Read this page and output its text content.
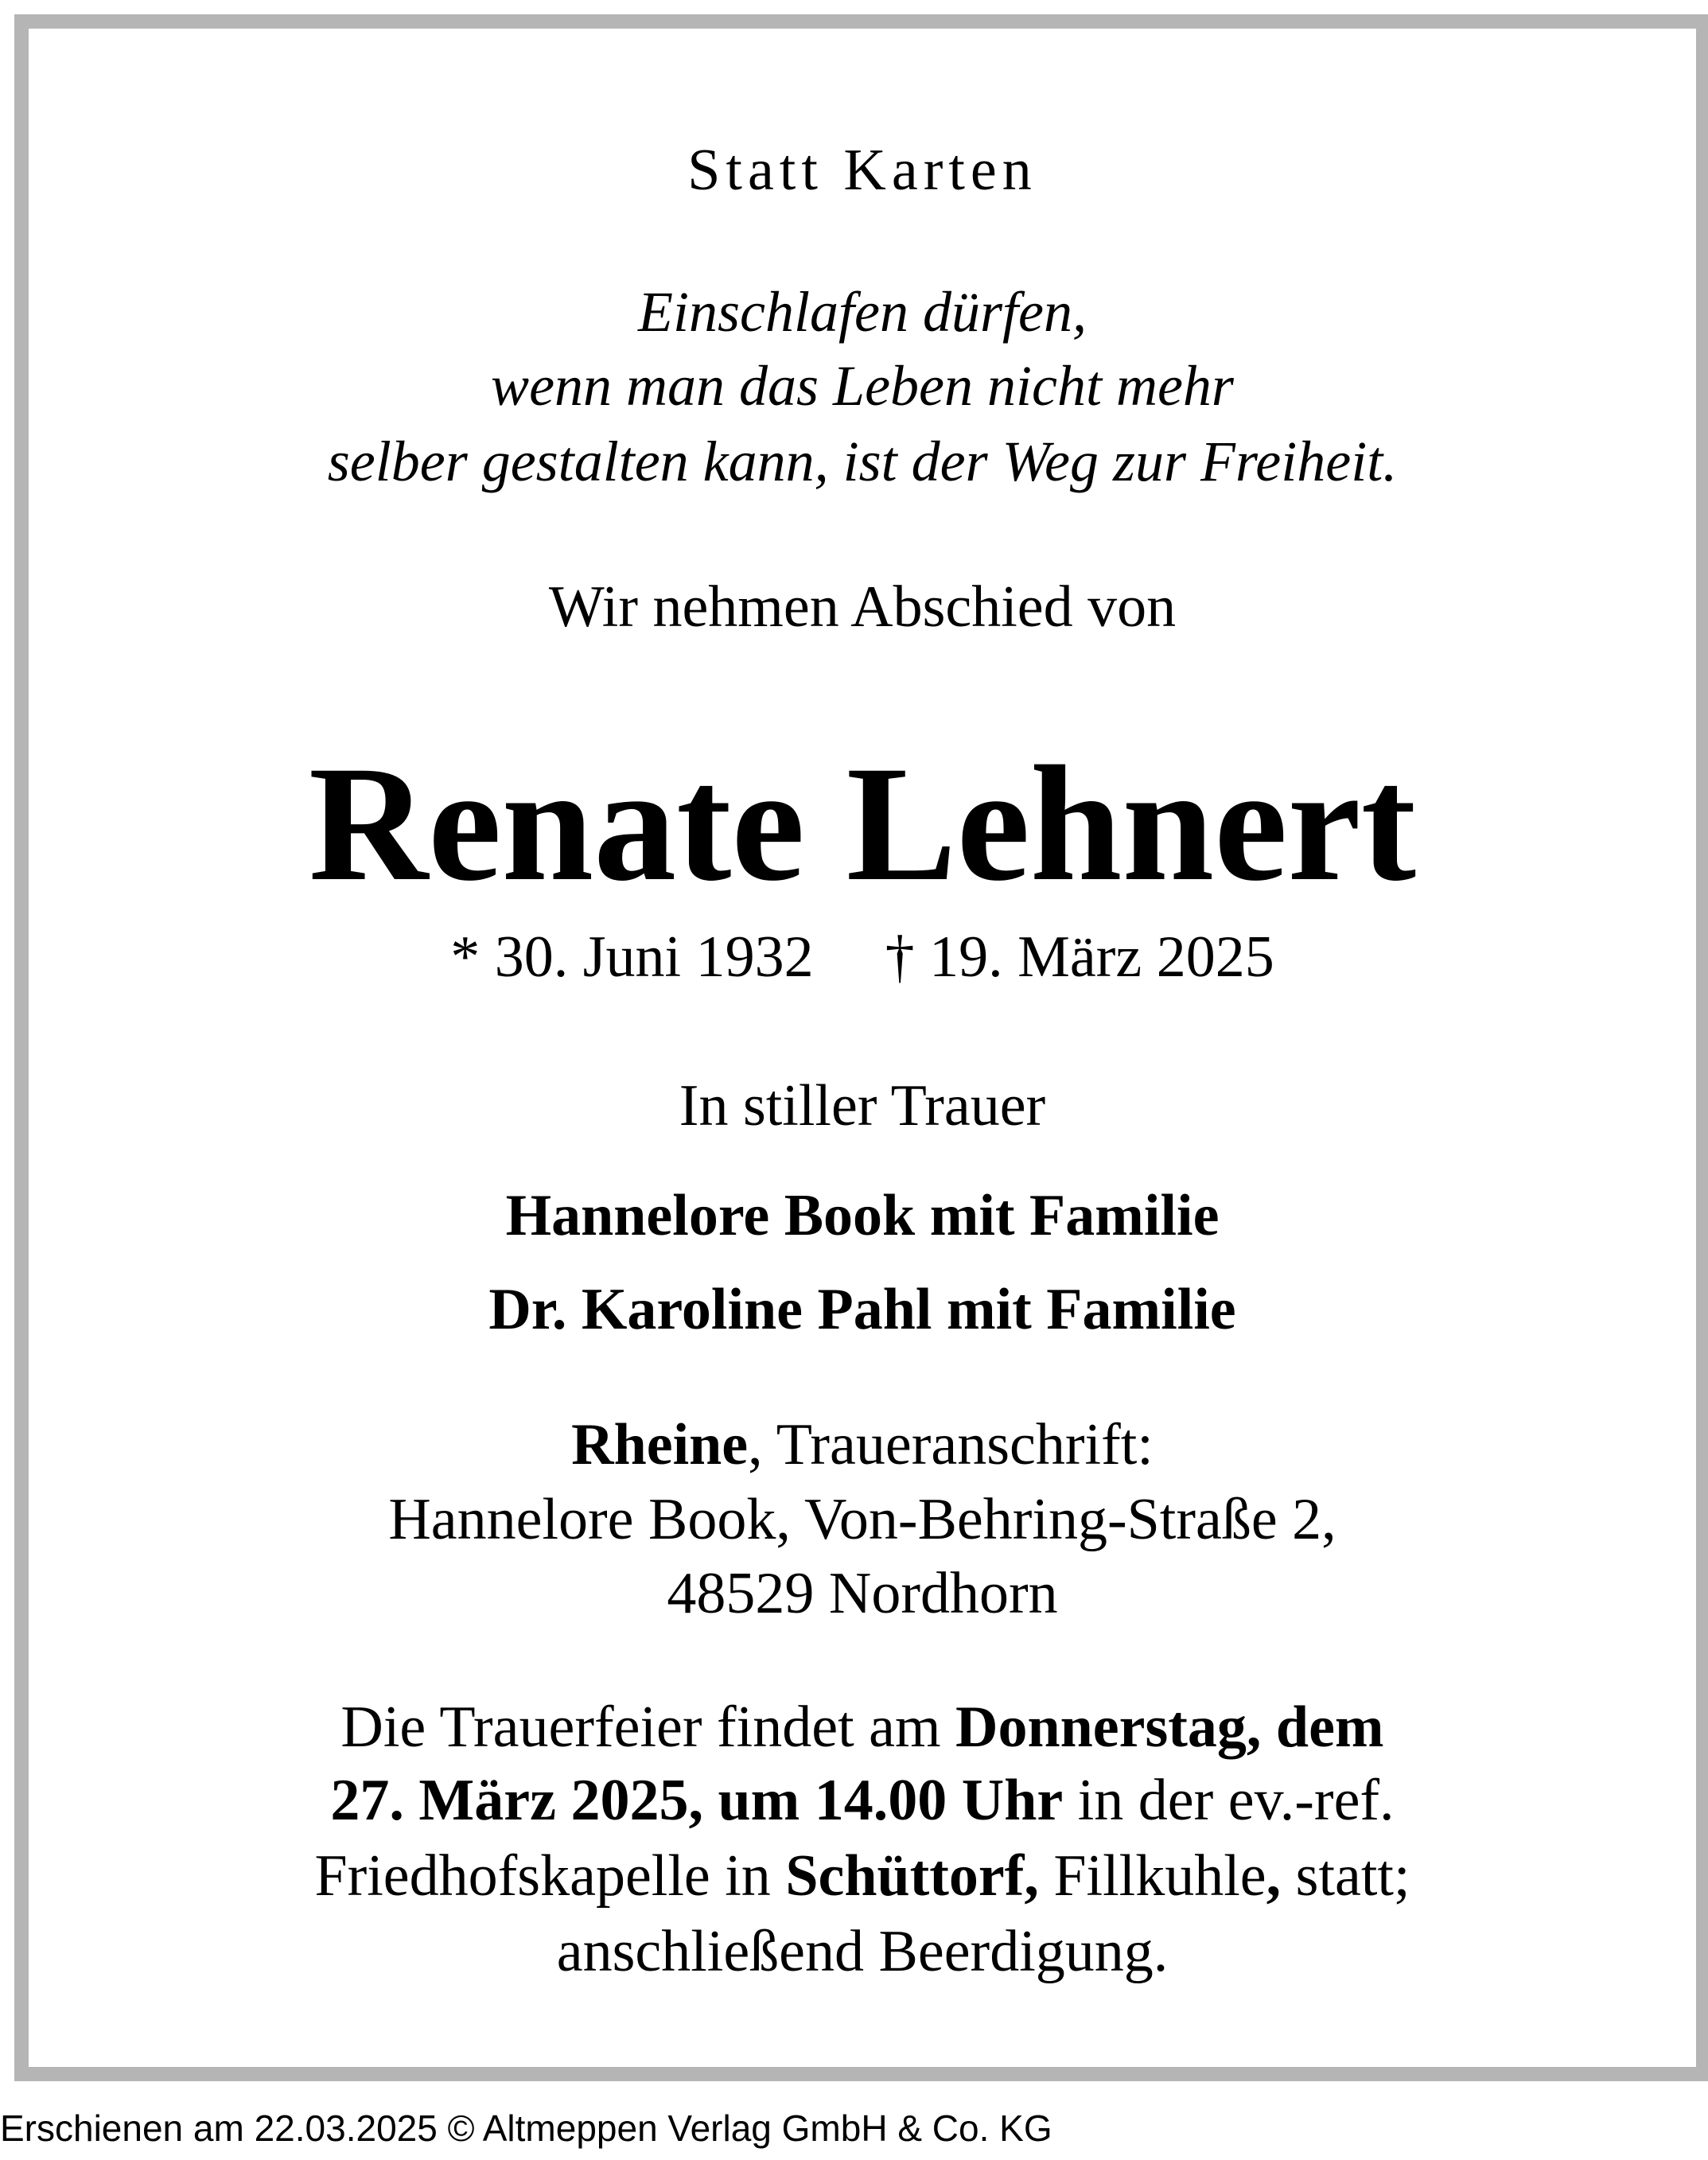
Statt Karten
Einschlafen dürfen,
wenn man das Leben nicht mehr
selber gestalten kann, ist der Weg zur Freiheit.
Wir nehmen Abschied von
Renate Lehnert
* 30. Juni 1932 † 19. März 2025
In stiller Trauer
Hannelore Book mit Familie
Dr. Karoline Pahl mit Familie
Rheine, Traueranschrift:
Hannelore Book, Von-Behring-Straße 2,
48529 Nordhorn
Die Trauerfeier findet am Donnerstag, dem
27. März 2025, um 14.00 Uhr in der ev.-ref.
Friedhofskapelle in Schüttorf, Fillkuhle, statt;
anschließend Beerdigung.
Erschienen am 22.03.2025 © Altmeppen Verlag GmbH & Co. KG
